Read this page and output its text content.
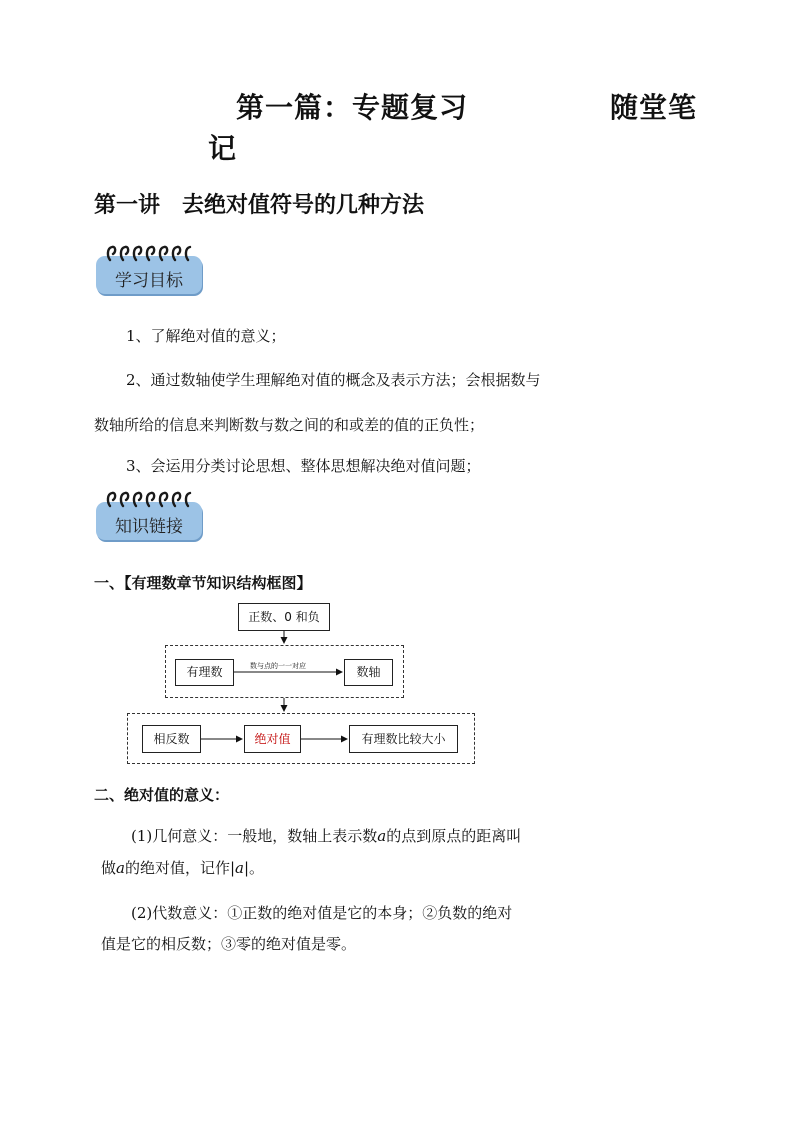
第一篇：专题复习	随堂笔
记
第一讲　去绝对值符号的几种方法
学习目标
1、了解绝对值的意义；
2、通过数轴使学生理解绝对值的概念及表示方法；会根据数与
数轴所给的信息来判断数与数之间的和或差的值的正负性；
3、会运用分类讨论思想、整体思想解决绝对值问题；
知识链接
一、【有理数章节知识结构框图】
正数、0 和负
有理数	数轴
数与点的一一对应
相反数	绝对值	有理数比较大小
二、绝对值的意义：
(1)几何意义：一般地，数轴上表示数a的点到原点的距离叫
做a的绝对值，记作|a|。
(2)代数意义：①正数的绝对值是它的本身；②负数的绝对
值是它的相反数；③零的绝对值是零。
